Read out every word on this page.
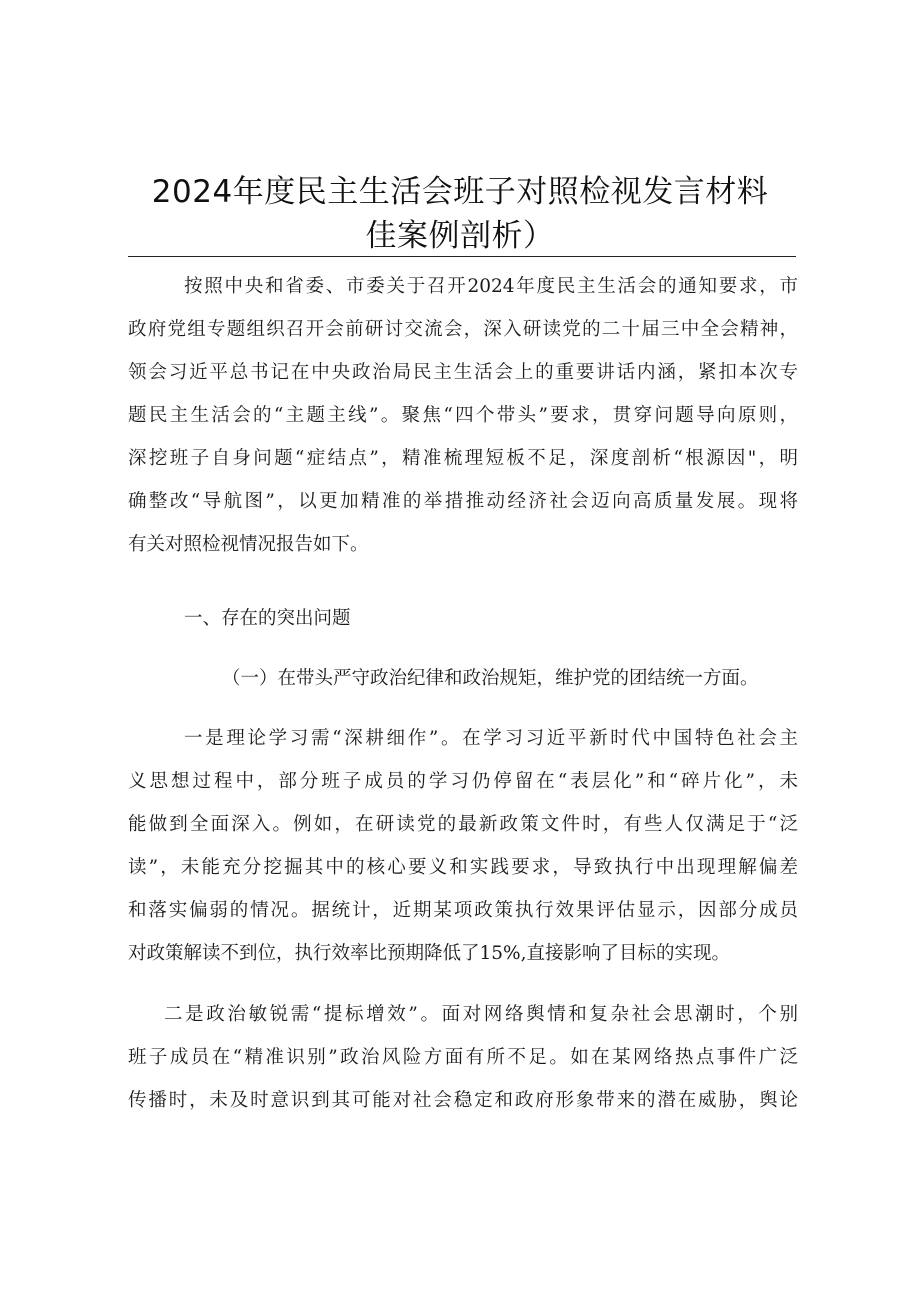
2024年度民主生活会班子对照检视发言材料
佳案例剖析）
按照中央和省委、市委关于召开2024年度民主生活会的通知要求，市
政府党组专题组织召开会前研讨交流会，深入研读党的二十届三中全会精神，
领会习近平总书记在中央政治局民主生活会上的重要讲话内涵，紧扣本次专
题民主生活会的“主题主线”。聚焦“四个带头”要求，贯穿问题导向原则，
深挖班子自身问题“症结点”，精准梳理短板不足，深度剖析“根源因"，明
确整改“导航图”，以更加精准的举措推动经济社会迈向高质量发展。现将
有关对照检视情况报告如下。
一、存在的突出问题
（一）在带头严守政治纪律和政治规矩，维护党的团结统一方面。
一是理论学习需“深耕细作”。在学习习近平新时代中国特色社会主
义思想过程中，部分班子成员的学习仍停留在“表层化”和“碎片化”，未
能做到全面深入。例如，在研读党的最新政策文件时，有些人仅满足于“泛
读”，未能充分挖掘其中的核心要义和实践要求，导致执行中出现理解偏差
和落实偏弱的情况。据统计，近期某项政策执行效果评估显示，因部分成员
对政策解读不到位，执行效率比预期降低了15%,直接影响了目标的实现。
二是政治敏锐需“提标增效”。面对网络舆情和复杂社会思潮时，个别
班子成员在“精准识别”政治风险方面有所不足。如在某网络热点事件广泛
传播时，未及时意识到其可能对社会稳定和政府形象带来的潜在威胁，舆论
